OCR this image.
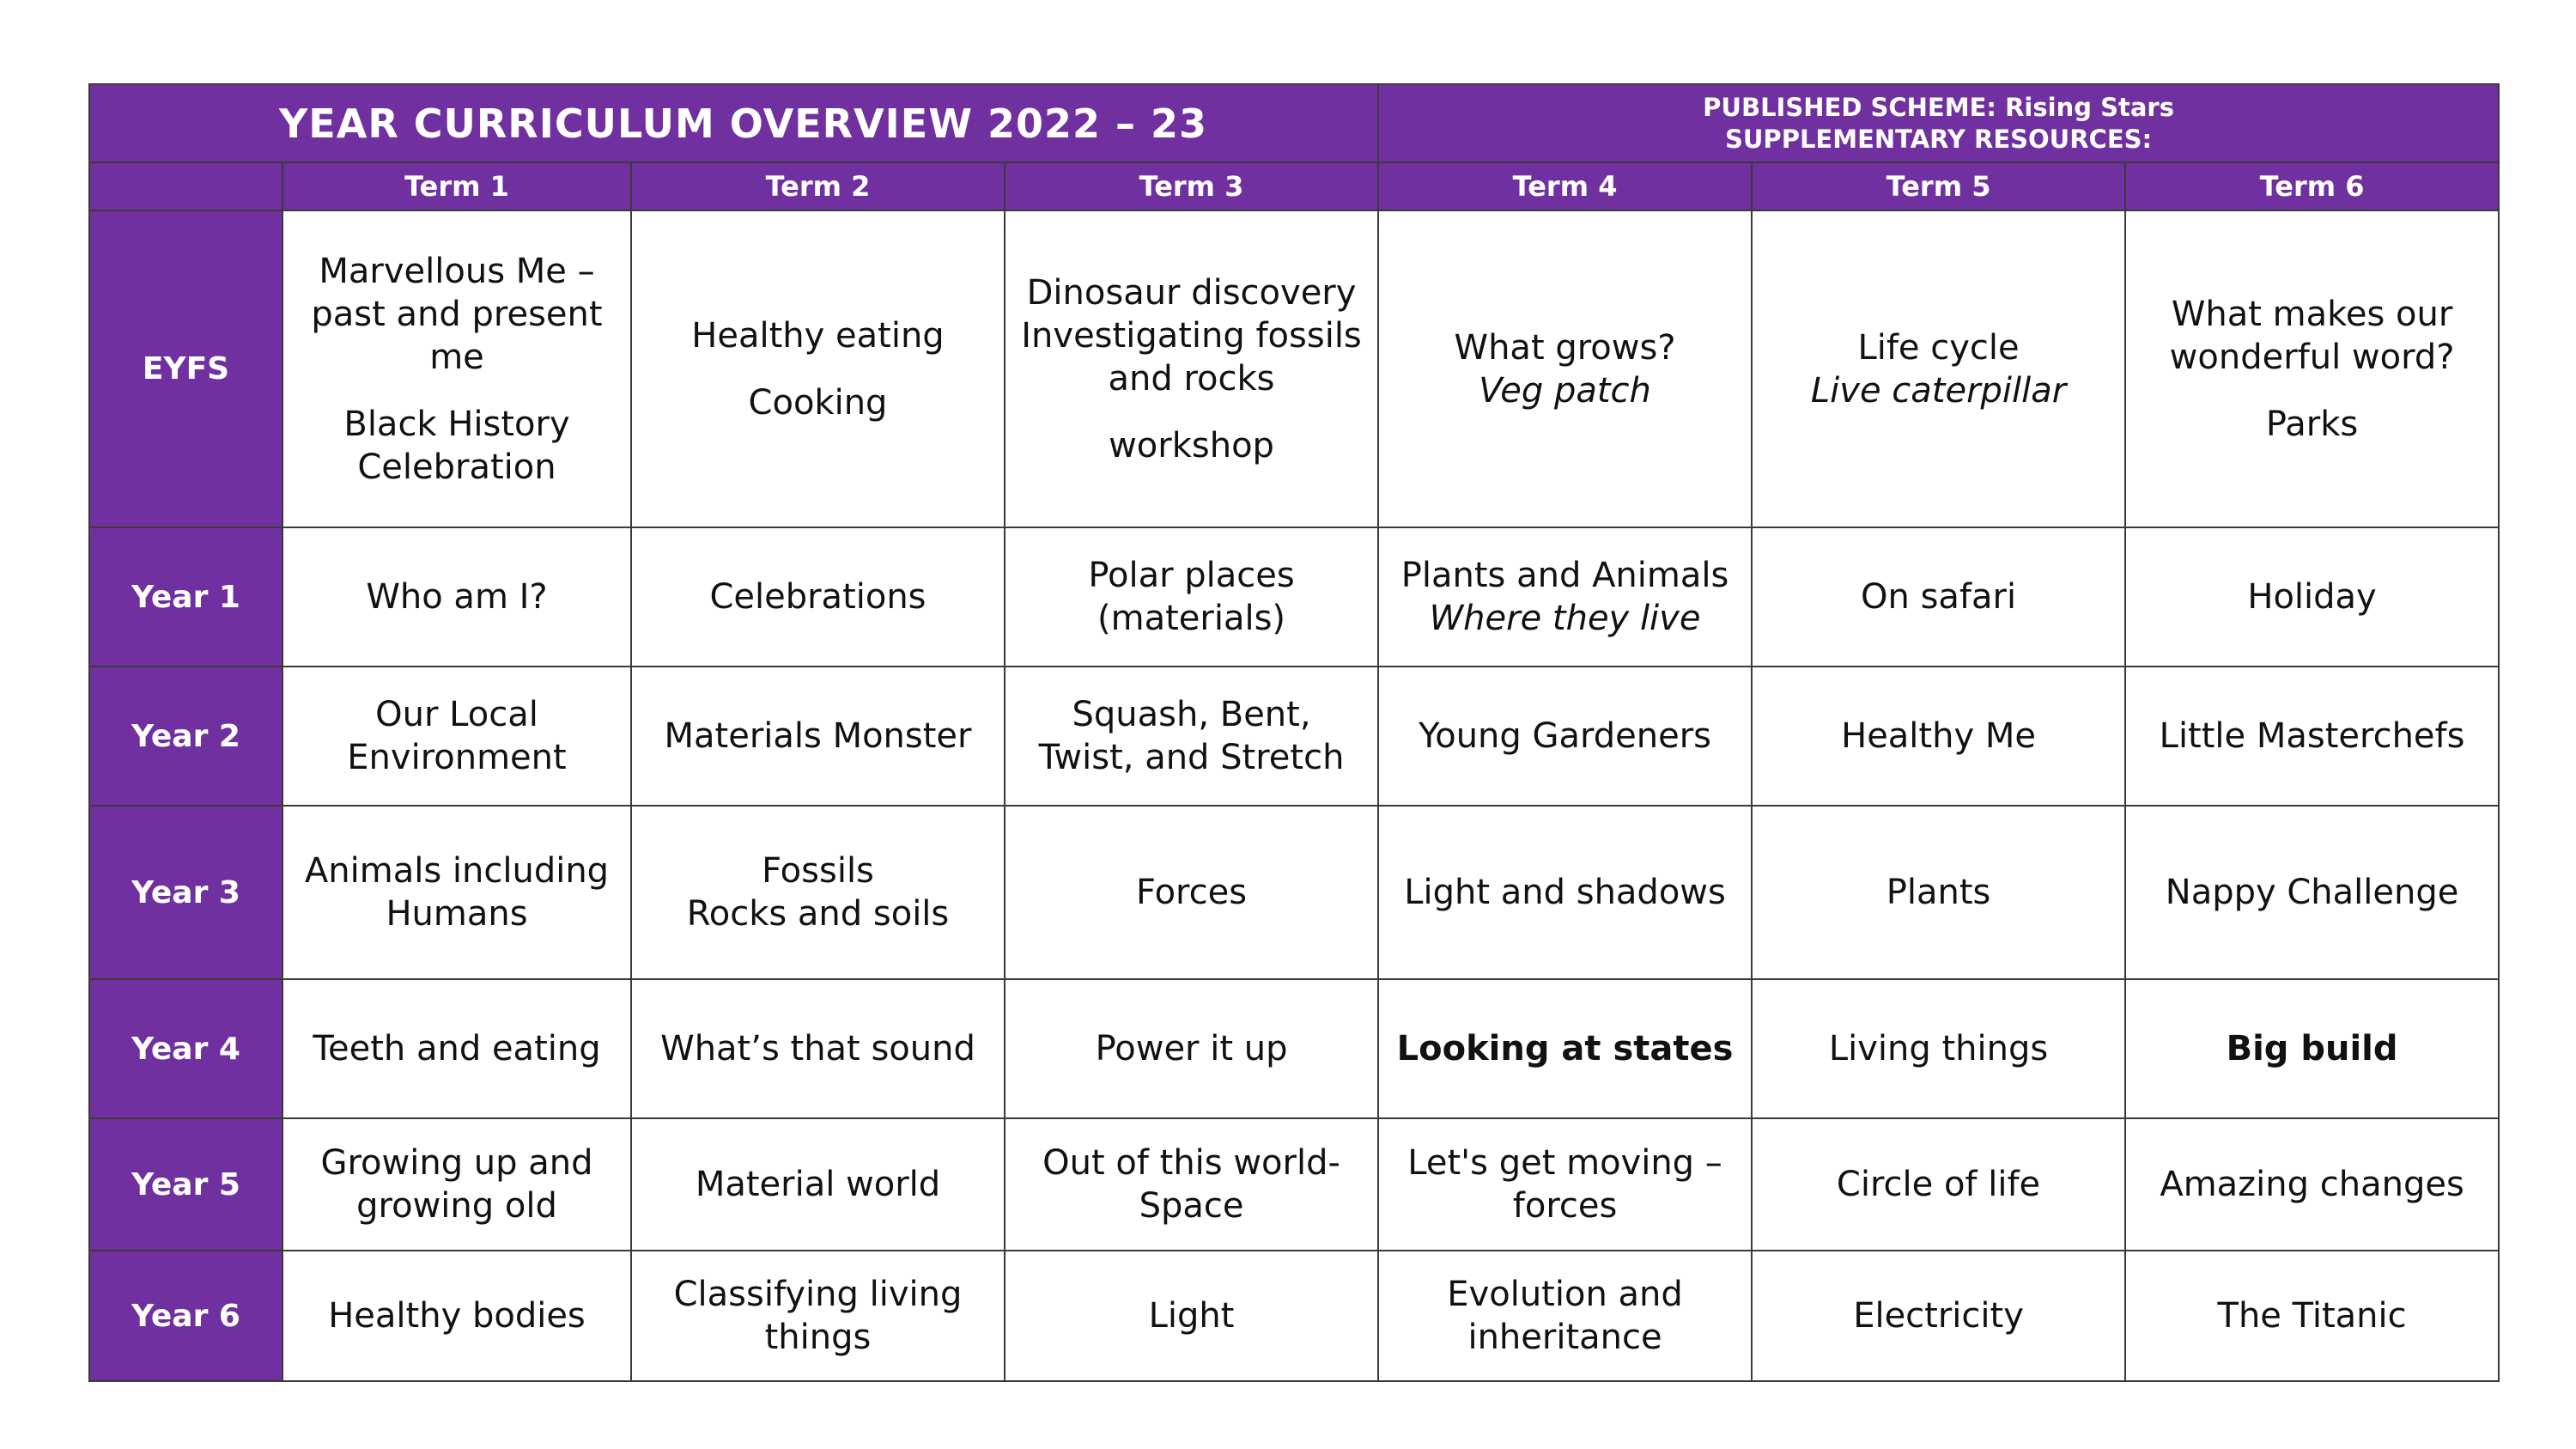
YEAR CURRICULUM OVERVIEW 2022 – 23				PUBLISHED SCHEME: Rising Stars
SUPPLEMENTARY RESOURCES:		

	Term 1	Term 2	Term 3	Term 4	Term 5	Term 6
EYFS	Marvellous Me –
past and present
me
Black History
Celebration	Healthy eating
Cooking	Dinosaur discovery
Investigating fossils
and rocks
workshop	What grows?
Veg patch	Life cycle
Live caterpillar	What makes our
wonderful word?
Parks

Year 1	Who am I?	Celebrations	Polar places
(materials)	Plants and Animals
Where they live	On safari	Holiday

Year 2	Our Local
Environment	Materials Monster	Squash, Bent,
Twist, and Stretch	Young Gardeners	Healthy Me	Little Masterchefs

Year 3	Animals including
Humans	Fossils
Rocks and soils	Forces	Light and shadows	Plants	Nappy Challenge

Year 4	Teeth and eating	What’s that sound	Power it up	Looking at states	Living things	Big build

Year 5	Growing up and
growing old	Material world	Out of this world-
Space	Let's get moving –
forces	Circle of life	Amazing changes

Year 6	Healthy bodies	Classifying living
things	Light	Evolution and
inheritance	Electricity	The Titanic
